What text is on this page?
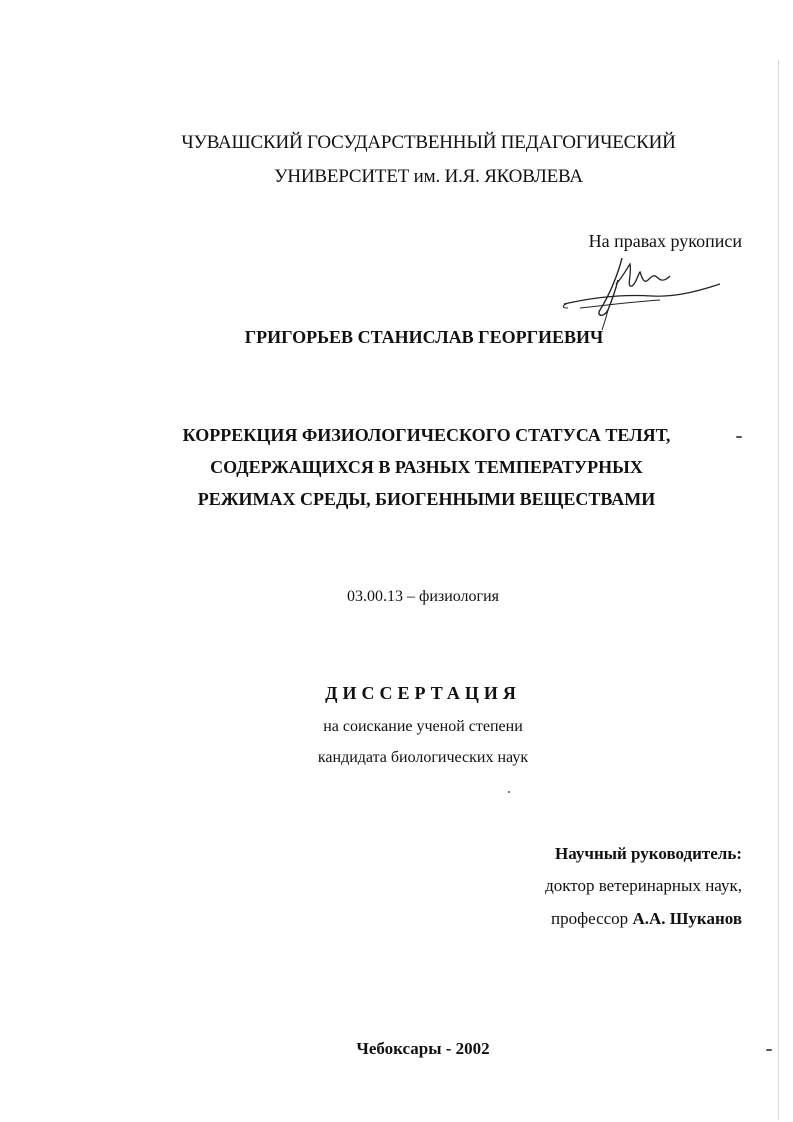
ЧУВАШСКИЙ ГОСУДАРСТВЕННЫЙ ПЕДАГОГИЧЕСКИЙ
УНИВЕРСИТЕТ им. И.Я. ЯКОВЛЕВА
На правах рукописи
ГРИГОРЬЕВ СТАНИСЛАВ ГЕОРГИЕВИЧ
КОРРЕКЦИЯ ФИЗИОЛОГИЧЕСКОГО СТАТУСА ТЕЛЯТ,
СОДЕРЖАЩИХСЯ В РАЗНЫХ ТЕМПЕРАТУРНЫХ
РЕЖИМАХ СРЕДЫ, БИОГЕННЫМИ ВЕЩЕСТВАМИ
03.00.13 – физиология
ДИССЕРТАЦИЯ
на соискание ученой степени
кандидата биологических наук
Научный руководитель:
доктор ветеринарных наук,
профессор А.А. Шуканов
Чебоксары - 2002
